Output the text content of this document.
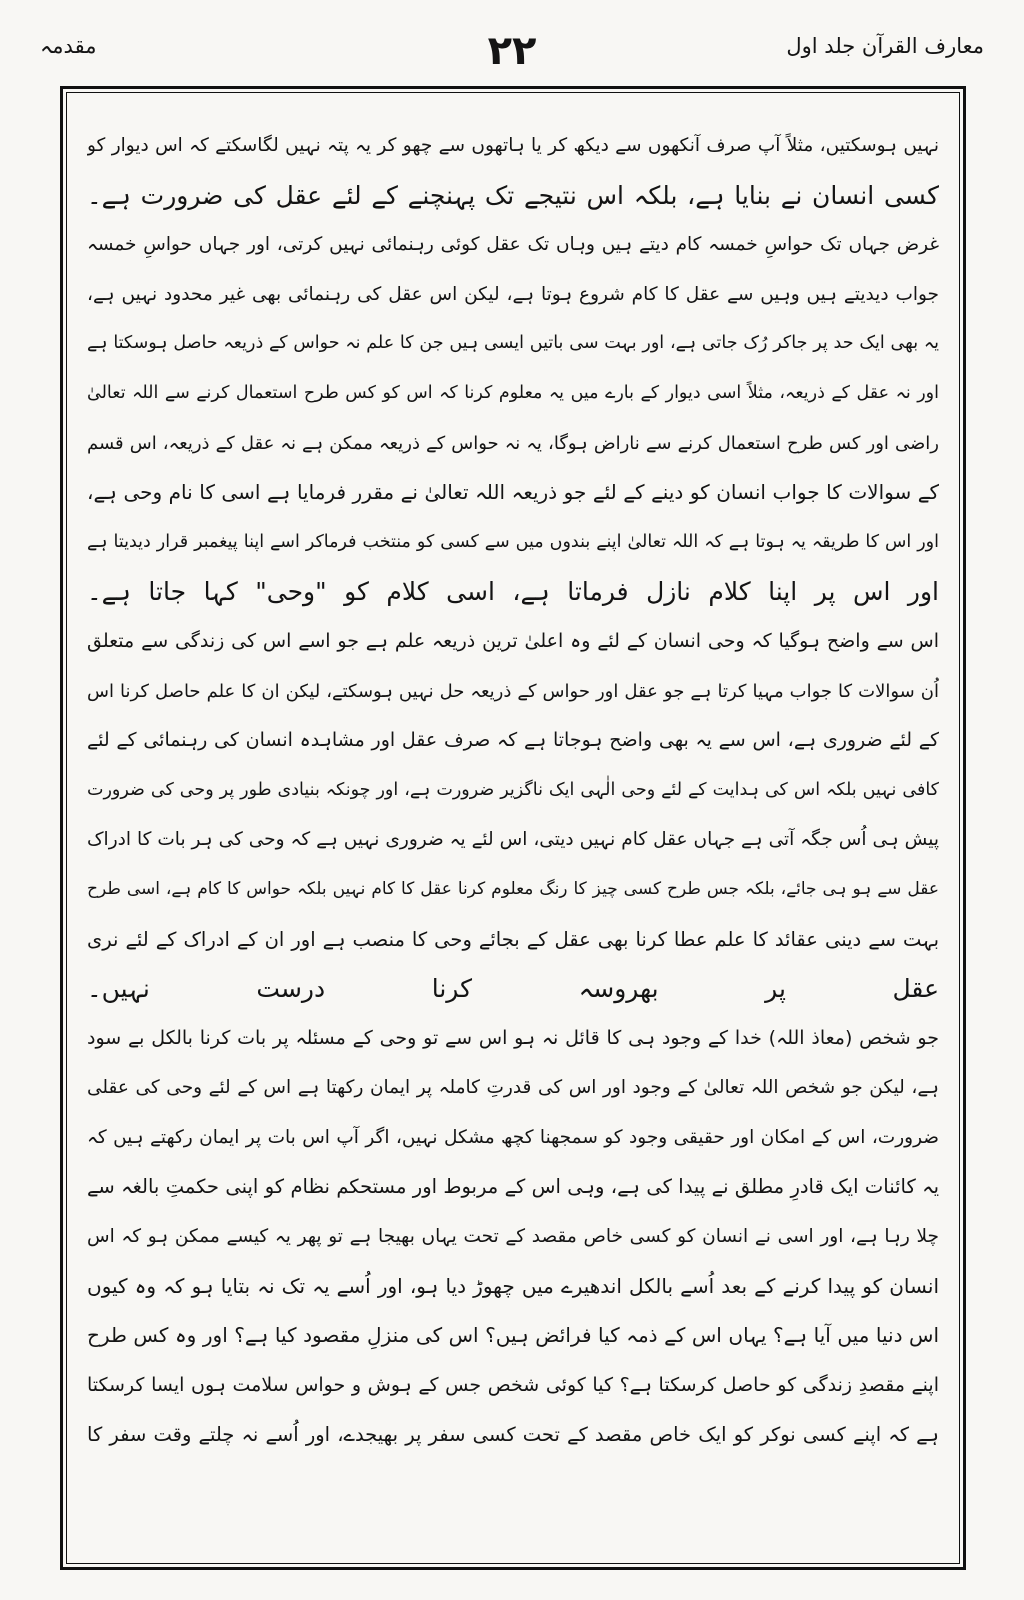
مقدمہ	۲۲	معارف القرآن جلد اول
نہیں ہوسکتیں، مثلاً آپ صرف آنکھوں سے دیکھ کر یا ہاتھوں سے چھو کر یہ پتہ نہیں لگاسکتے کہ اس دیوار کو
کسی انسان نے بنایا ہے، بلکہ اس نتیجے تک پہنچنے کے لئے عقل کی ضرورت ہے۔
غرض جہاں تک حواسِ خمسہ کام دیتے ہیں وہاں تک عقل کوئی رہنمائی نہیں کرتی، اور جہاں حواسِ خمسہ
جواب دیدیتے ہیں وہیں سے عقل کا کام شروع ہوتا ہے، لیکن اس عقل کی رہنمائی بھی غیر محدود نہیں ہے،
یہ بھی ایک حد پر جاکر رُک جاتی ہے، اور بہت سی باتیں ایسی ہیں جن کا علم نہ حواس کے ذریعہ حاصل ہوسکتا ہے
اور نہ عقل کے ذریعہ، مثلاً اسی دیوار کے بارے میں یہ معلوم کرنا کہ اس کو کس طرح استعمال کرنے سے اللہ تعالیٰ
راضی اور کس طرح استعمال کرنے سے ناراض ہوگا، یہ نہ حواس کے ذریعہ ممکن ہے نہ عقل کے ذریعہ، اس قسم
کے سوالات کا جواب انسان کو دینے کے لئے جو ذریعہ اللہ تعالیٰ نے مقرر فرمایا ہے اسی کا نام وحی ہے،
اور اس کا طریقہ یہ ہوتا ہے کہ اللہ تعالیٰ اپنے بندوں میں سے کسی کو منتخب فرماکر اسے اپنا پیغمبر قرار دیدیتا ہے
اور اس پر اپنا کلام نازل فرماتا ہے، اسی کلام کو "وحی" کہا جاتا ہے۔
اس سے واضح ہوگیا کہ وحی انسان کے لئے وہ اعلیٰ ترین ذریعہ علم ہے جو اسے اس کی زندگی سے متعلق
اُن سوالات کا جواب مہیا کرتا ہے جو عقل اور حواس کے ذریعہ حل نہیں ہوسکتے، لیکن ان کا علم حاصل کرنا اس
کے لئے ضروری ہے، اس سے یہ بھی واضح ہوجاتا ہے کہ صرف عقل اور مشاہدہ انسان کی رہنمائی کے لئے
کافی نہیں بلکہ اس کی ہدایت کے لئے وحی الٰہی ایک ناگزیر ضرورت ہے، اور چونکہ بنیادی طور پر وحی کی ضرورت
پیش ہی اُس جگہ آتی ہے جہاں عقل کام نہیں دیتی، اس لئے یہ ضروری نہیں ہے کہ وحی کی ہر بات کا ادراک
عقل سے ہو ہی جائے، بلکہ جس طرح کسی چیز کا رنگ معلوم کرنا عقل کا کام نہیں بلکہ حواس کا کام ہے، اسی طرح
بہت سے دینی عقائد کا علم عطا کرنا بھی عقل کے بجائے وحی کا منصب ہے اور ان کے ادراک کے لئے نری
عقل پر بھروسہ کرنا درست نہیں۔
جو شخص (معاذ اللہ) خدا کے وجود ہی کا قائل نہ ہو اس سے تو وحی کے مسئلہ پر بات کرنا بالکل بے سود
ہے، لیکن جو شخص اللہ تعالیٰ کے وجود اور اس کی قدرتِ کاملہ پر ایمان رکھتا ہے اس کے لئے وحی کی عقلی
ضرورت، اس کے امکان اور حقیقی وجود کو سمجھنا کچھ مشکل نہیں، اگر آپ اس بات پر ایمان رکھتے ہیں کہ
یہ کائنات ایک قادرِ مطلق نے پیدا کی ہے، وہی اس کے مربوط اور مستحکم نظام کو اپنی حکمتِ بالغہ سے
چلا رہا ہے، اور اسی نے انسان کو کسی خاص مقصد کے تحت یہاں بھیجا ہے تو پھر یہ کیسے ممکن ہو کہ اس
انسان کو پیدا کرنے کے بعد اُسے بالکل اندھیرے میں چھوڑ دیا ہو، اور اُسے یہ تک نہ بتایا ہو کہ وہ کیوں
اس دنیا میں آیا ہے؟ یہاں اس کے ذمہ کیا فرائض ہیں؟ اس کی منزلِ مقصود کیا ہے؟ اور وہ کس طرح
اپنے مقصدِ زندگی کو حاصل کرسکتا ہے؟ کیا کوئی شخص جس کے ہوش و حواس سلامت ہوں ایسا کرسکتا
ہے کہ اپنے کسی نوکر کو ایک خاص مقصد کے تحت کسی سفر پر بھیجدے، اور اُسے نہ چلتے وقت سفر کا
